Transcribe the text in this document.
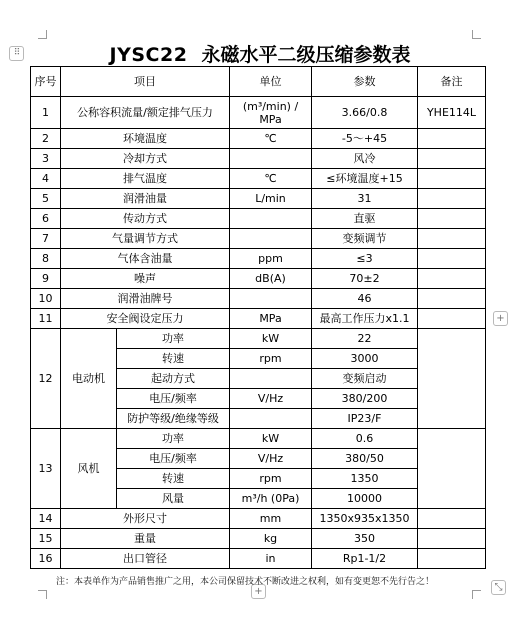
⠿
+
+	⤡
JYSC22 永磁水平二级压缩参数表
序号	项目		单位	参数	备注
1	公称容积流量/额定排气压力		(m³/min) / MPa	3.66/0.8	YHE114L
2	环境温度		℃	-5～+45	
3	冷却方式			风冷	
4	排气温度		℃	≤环境温度+15	
5	润滑油量		L/min	31	
6	传动方式			直驱	
7	气量调节方式			变频调节	
8	气体含油量		ppm	≤3	
9	噪声		dB(A)	70±2	
10	润滑油牌号			46	
11	安全阀设定压力		MPa	最高工作压力x1.1	
12	电动机	功率	kW	22	
		转速	rpm	3000	
		起动方式		变频启动	
		电压/频率	V/Hz	380/200	
		防护等级/绝缘等级		IP23/F	
13	风机	功率	kW	0.6	
		电压/频率	V/Hz	380/50	
		转速	rpm	1350	
		风量	m³/h (0Pa)	10000	
14	外形尺寸		mm	1350x935x1350	
15	重量		kg	350	
16	出口管径		in	Rp1-1/2	
注：本表单作为产品销售推广之用，本公司保留技术不断改进之权利，如有变更恕不先行告之！
